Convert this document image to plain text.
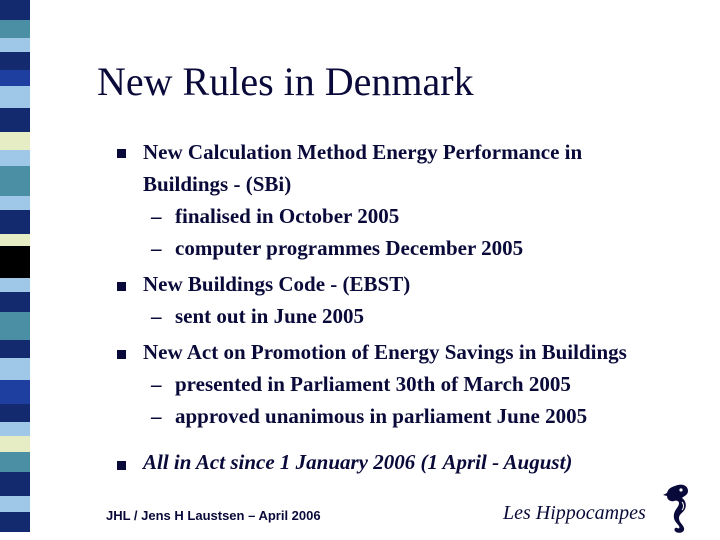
New Rules in Denmark
New Calculation Method Energy Performance in
Buildings - (SBi)
– finalised in October 2005
– computer programmes December 2005
New Buildings Code - (EBST)
– sent out in June 2005
New Act on Promotion of Energy Savings in Buildings
– presented in Parliament 30th of March 2005
– approved unanimous in parliament June 2005
All in Act since 1 January 2006 (1 April - August)
JHL / Jens H Laustsen – April 2006	Les Hippocampes
